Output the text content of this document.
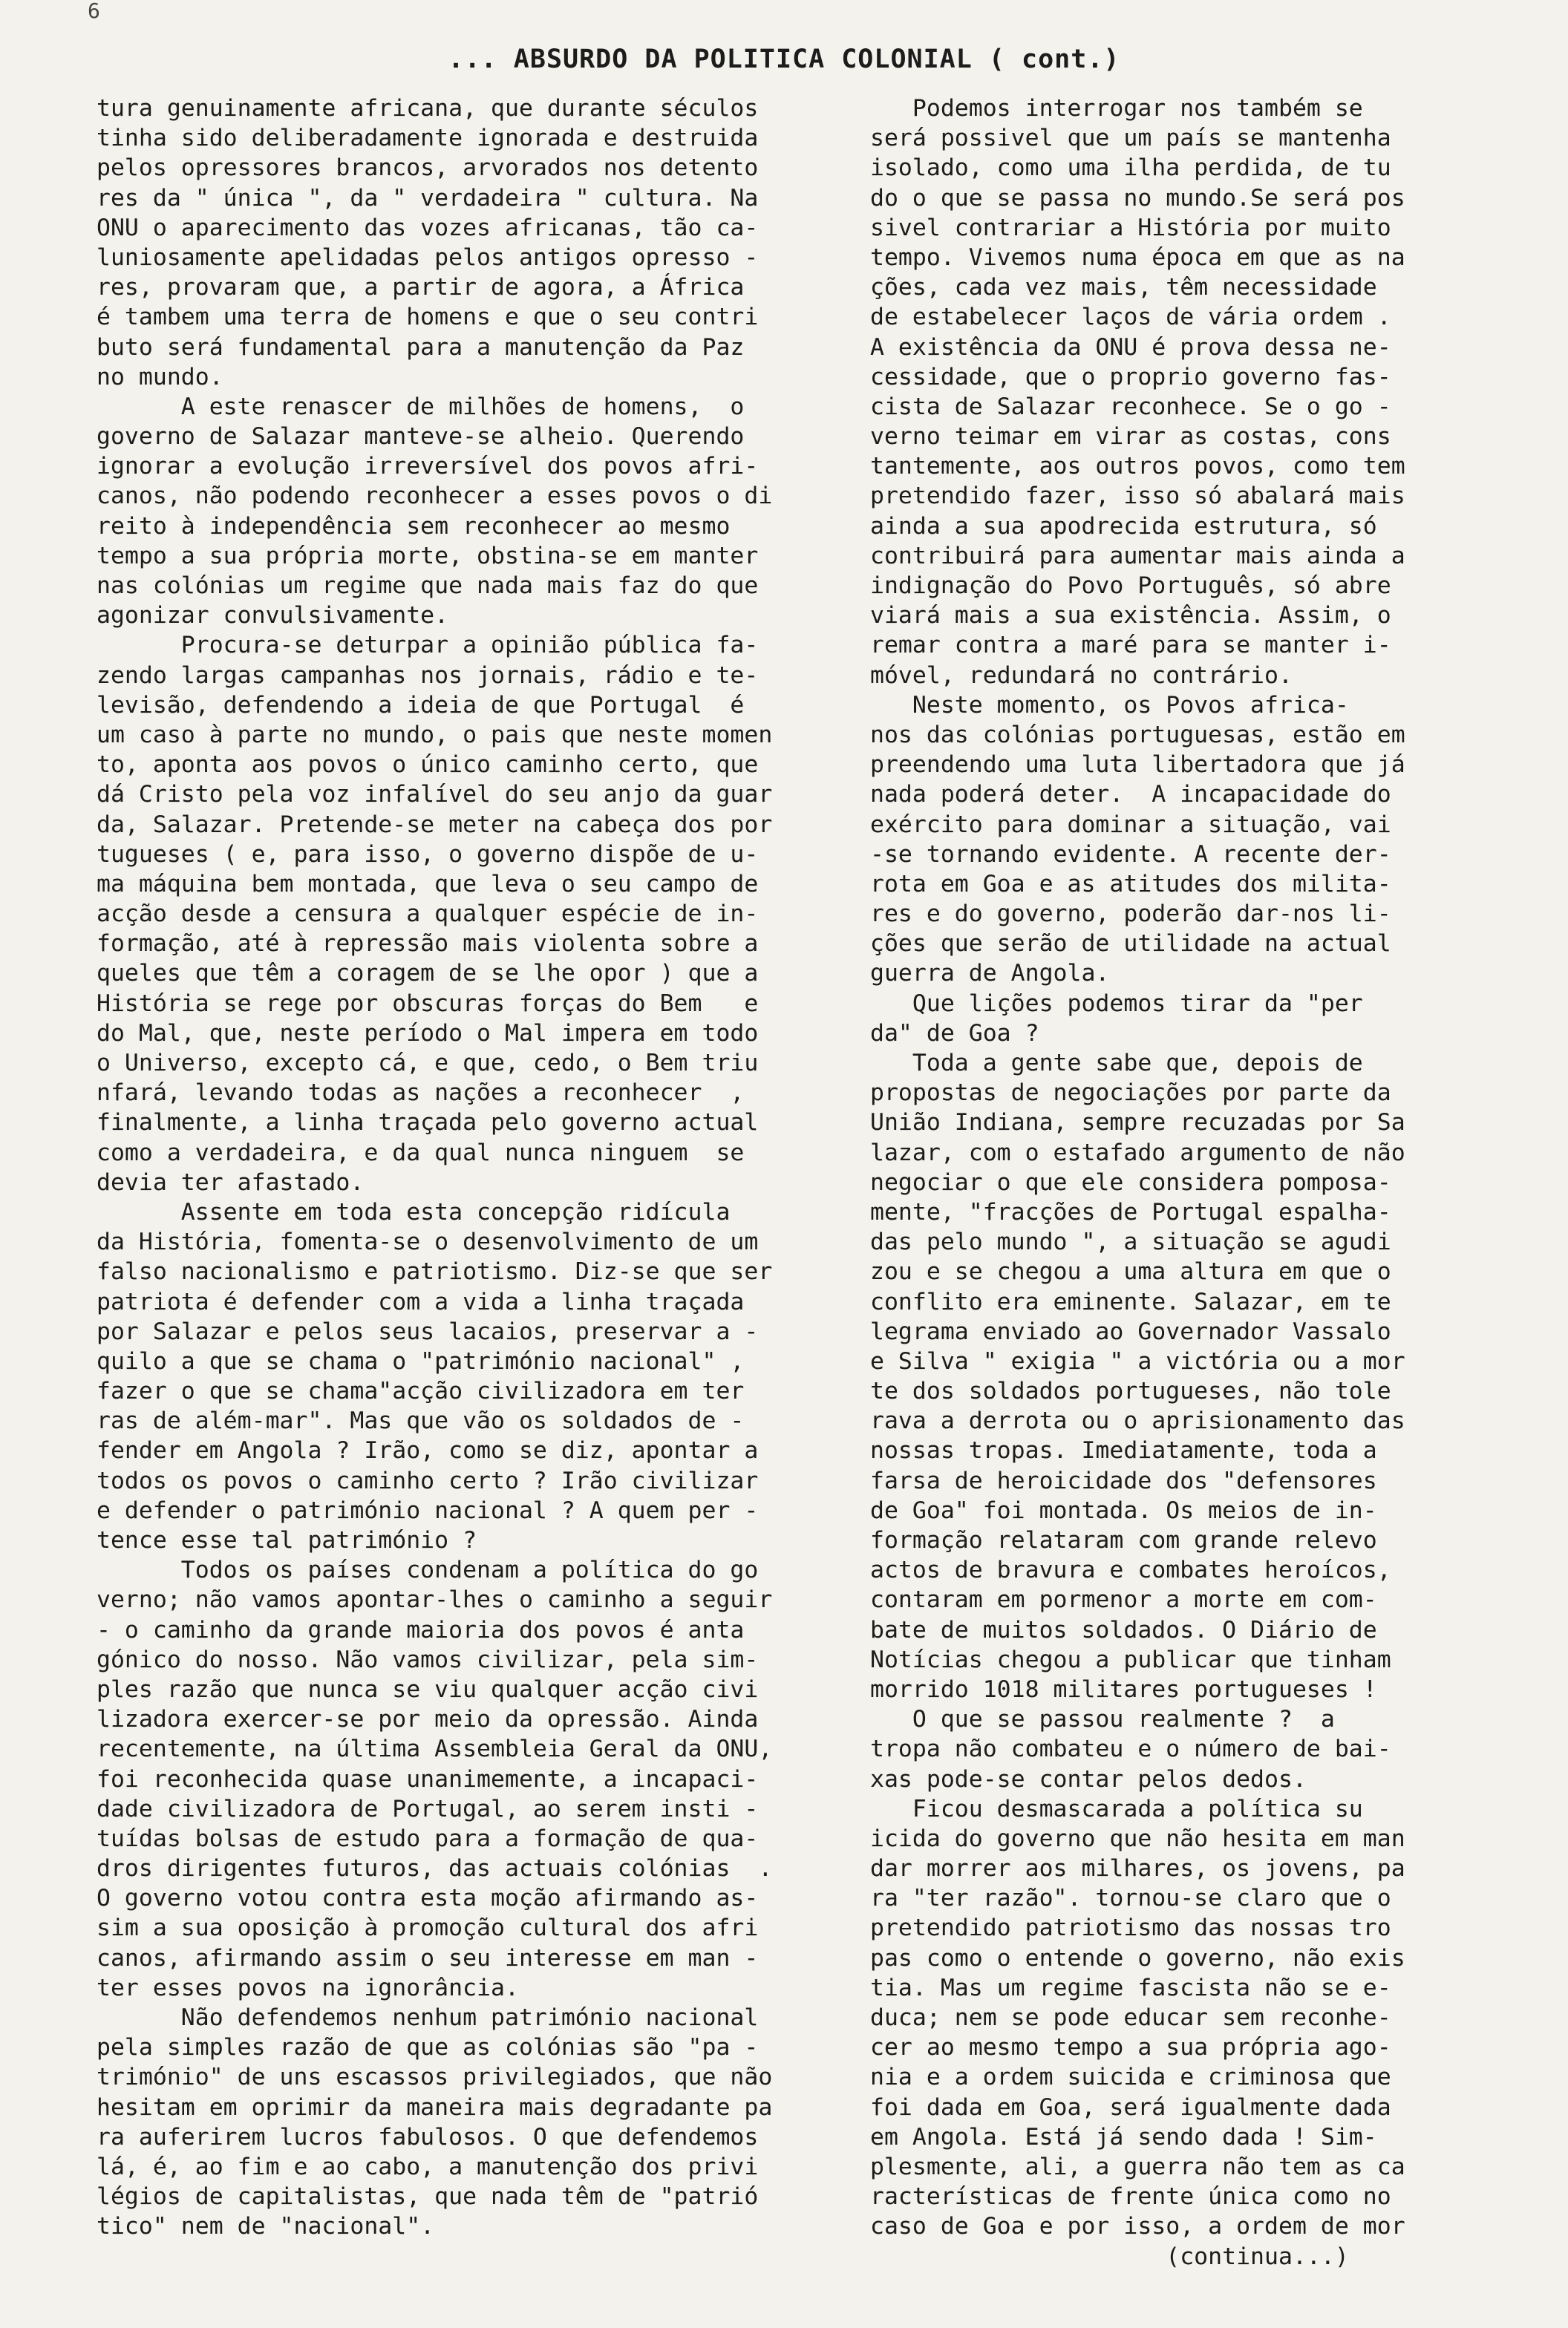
6
... ABSURDO DA POLITICA COLONIAL ( cont.)
tura genuinamente africana, que durante séculos
tinha sido deliberadamente ignorada e destruida
pelos opressores brancos, arvorados nos detento
res da " única ", da " verdadeira " cultura. Na
ONU o aparecimento das vozes africanas, tão ca-
luniosamente apelidadas pelos antigos opresso -
res, provaram que, a partir de agora, a África
é tambem uma terra de homens e que o seu contri
buto será fundamental para a manutenção da Paz
no mundo.
A este renascer de milhões de homens,  o
governo de Salazar manteve-se alheio. Querendo
ignorar a evolução irreversível dos povos afri-
canos, não podendo reconhecer a esses povos o di
reito à independência sem reconhecer ao mesmo
tempo a sua própria morte, obstina-se em manter
nas colónias um regime que nada mais faz do que
agonizar convulsivamente.
Procura-se deturpar a opinião pública fa-
zendo largas campanhas nos jornais, rádio e te-
levisão, defendendo a ideia de que Portugal  é
um caso à parte no mundo, o pais que neste momen
to, aponta aos povos o único caminho certo, que
dá Cristo pela voz infalível do seu anjo da guar
da, Salazar. Pretende-se meter na cabeça dos por
tugueses ( e, para isso, o governo dispõe de u-
ma máquina bem montada, que leva o seu campo de
acção desde a censura a qualquer espécie de in-
formação, até à repressão mais violenta sobre a
queles que têm a coragem de se lhe opor ) que a
História se rege por obscuras forças do Bem   e
do Mal, que, neste período o Mal impera em todo
o Universo, excepto cá, e que, cedo, o Bem triu
nfará, levando todas as nações a reconhecer  ,
finalmente, a linha traçada pelo governo actual
como a verdadeira, e da qual nunca ninguem  se
devia ter afastado.
Assente em toda esta concepção ridícula
da História, fomenta-se o desenvolvimento de um
falso nacionalismo e patriotismo. Diz-se que ser
patriota é defender com a vida a linha traçada
por Salazar e pelos seus lacaios, preservar a -
quilo a que se chama o "património nacional" ,
fazer o que se chama"acção civilizadora em ter
ras de além-mar". Mas que vão os soldados de -
fender em Angola ? Irão, como se diz, apontar a
todos os povos o caminho certo ? Irão civilizar
e defender o património nacional ? A quem per -
tence esse tal património ?
Todos os países condenam a política do go
verno; não vamos apontar-lhes o caminho a seguir
- o caminho da grande maioria dos povos é anta
gónico do nosso. Não vamos civilizar, pela sim-
ples razão que nunca se viu qualquer acção civi
lizadora exercer-se por meio da opressão. Ainda
recentemente, na última Assembleia Geral da ONU,
foi reconhecida quase unanimemente, a incapaci-
dade civilizadora de Portugal, ao serem insti -
tuídas bolsas de estudo para a formação de qua-
dros dirigentes futuros, das actuais colónias  .
O governo votou contra esta moção afirmando as-
sim a sua oposição à promoção cultural dos afri
canos, afirmando assim o seu interesse em man -
ter esses povos na ignorância.
Não defendemos nenhum património nacional
pela simples razão de que as colónias são "pa -
trimónio" de uns escassos privilegiados, que não
hesitam em oprimir da maneira mais degradante pa
ra auferirem lucros fabulosos. O que defendemos
lá, é, ao fim e ao cabo, a manutenção dos privi
légios de capitalistas, que nada têm de "patrió
tico" nem de "nacional".
Podemos interrogar nos também se
será possivel que um país se mantenha
isolado, como uma ilha perdida, de tu
do o que se passa no mundo.Se será pos
sivel contrariar a História por muito
tempo. Vivemos numa época em que as na
ções, cada vez mais, têm necessidade
de estabelecer laços de vária ordem .
A existência da ONU é prova dessa ne-
cessidade, que o proprio governo fas-
cista de Salazar reconhece. Se o go -
verno teimar em virar as costas, cons
tantemente, aos outros povos, como tem
pretendido fazer, isso só abalará mais
ainda a sua apodrecida estrutura, só
contribuirá para aumentar mais ainda a
indignação do Povo Português, só abre
viará mais a sua existência. Assim, o
remar contra a maré para se manter i-
móvel, redundará no contrário.
Neste momento, os Povos africa-
nos das colónias portuguesas, estão em
preendendo uma luta libertadora que já
nada poderá deter.  A incapacidade do
exército para dominar a situação, vai
-se tornando evidente. A recente der-
rota em Goa e as atitudes dos milita-
res e do governo, poderão dar-nos li-
ções que serão de utilidade na actual
guerra de Angola.
Que lições podemos tirar da "per
da" de Goa ?
Toda a gente sabe que, depois de
propostas de negociações por parte da
União Indiana, sempre recuzadas por Sa
lazar, com o estafado argumento de não
negociar o que ele considera pomposa-
mente, "fracções de Portugal espalha-
das pelo mundo ", a situação se agudi
zou e se chegou a uma altura em que o
conflito era eminente. Salazar, em te
legrama enviado ao Governador Vassalo
e Silva " exigia " a victória ou a mor
te dos soldados portugueses, não tole
rava a derrota ou o aprisionamento das
nossas tropas. Imediatamente, toda a
farsa de heroicidade dos "defensores
de Goa" foi montada. Os meios de in-
formação relataram com grande relevo
actos de bravura e combates heroícos,
contaram em pormenor a morte em com-
bate de muitos soldados. O Diário de
Notícias chegou a publicar que tinham
morrido 1018 militares portugueses !
O que se passou realmente ?  a
tropa não combateu e o número de bai-
xas pode-se contar pelos dedos.
Ficou desmascarada a política su
icida do governo que não hesita em man
dar morrer aos milhares, os jovens, pa
ra "ter razão". tornou-se claro que o
pretendido patriotismo das nossas tro
pas como o entende o governo, não exis
tia. Mas um regime fascista não se e-
duca; nem se pode educar sem reconhe-
cer ao mesmo tempo a sua própria ago-
nia e a ordem suicida e criminosa que
foi dada em Goa, será igualmente dada
em Angola. Está já sendo dada ! Sim-
plesmente, ali, a guerra não tem as ca
racterísticas de frente única como no
caso de Goa e por isso, a ordem de mor
(continua...)
